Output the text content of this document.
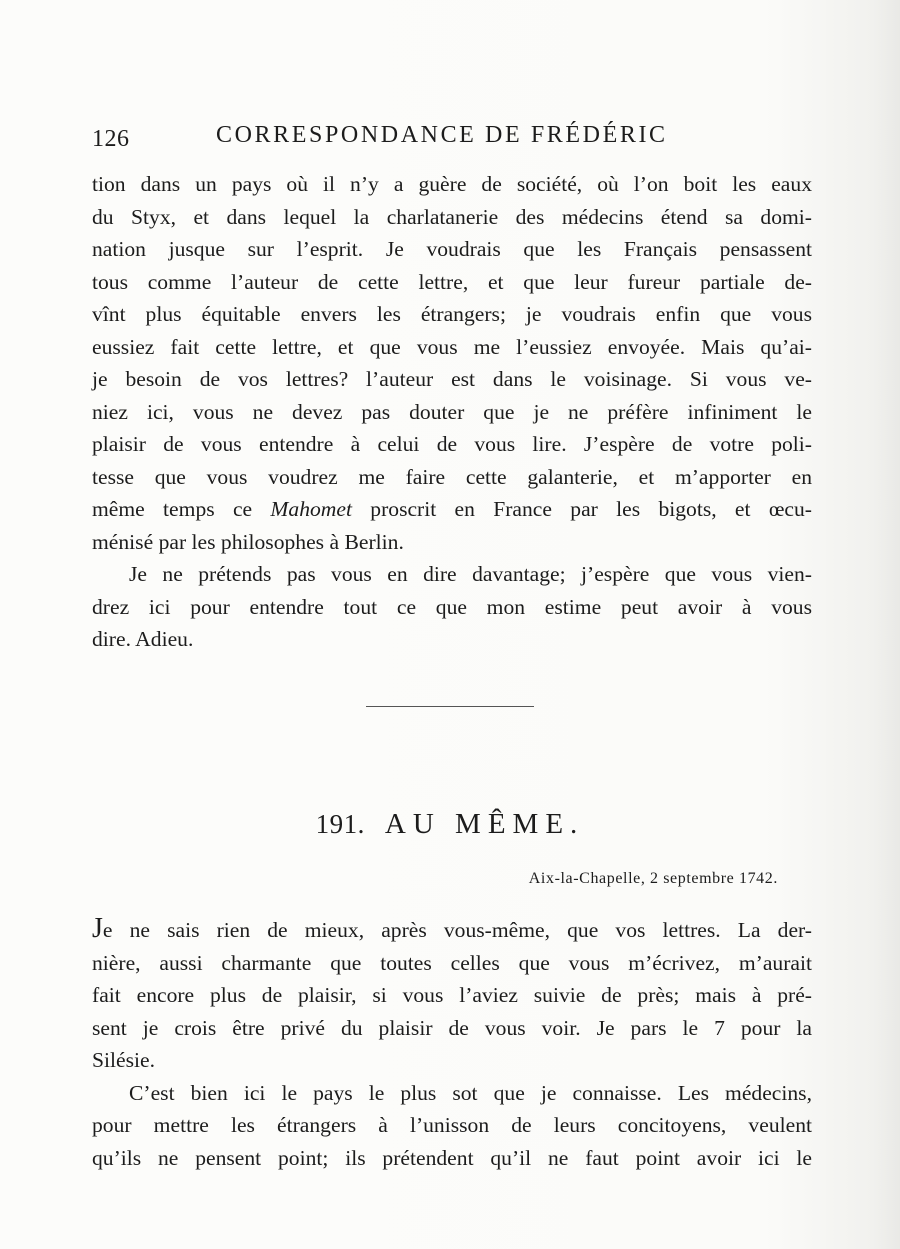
126	CORRESPONDANCE DE FRÉDÉRIC

tion dans un pays où il n’y a guère de société, où l’on boit les eaux
du Styx, et dans lequel la charlatanerie des médecins étend sa domi-
nation jusque sur l’esprit. Je voudrais que les Français pensassent
tous comme l’auteur de cette lettre, et que leur fureur partiale de-
vînt plus équitable envers les étrangers; je voudrais enfin que vous
eussiez fait cette lettre, et que vous me l’eussiez envoyée. Mais qu’ai-
je besoin de vos lettres? l’auteur est dans le voisinage. Si vous ve-
niez ici, vous ne devez pas douter que je ne préfère infiniment le
plaisir de vous entendre à celui de vous lire. J’espère de votre poli-
tesse que vous voudrez me faire cette galanterie, et m’apporter en
même temps ce Mahomet proscrit en France par les bigots, et œcu-
ménisé par les philosophes à Berlin.

Je ne prétends pas vous en dire davantage; j’espère que vous vien-
drez ici pour entendre tout ce que mon estime peut avoir à vous
dire. Adieu.

191. AU MÊME.
Aix-la-Chapelle, 2 septembre 1742.

Je ne sais rien de mieux, après vous-même, que vos lettres. La der-
nière, aussi charmante que toutes celles que vous m’écrivez, m’aurait
fait encore plus de plaisir, si vous l’aviez suivie de près; mais à pré-
sent je crois être privé du plaisir de vous voir. Je pars le 7 pour la
Silésie.

C’est bien ici le pays le plus sot que je connaisse. Les médecins,
pour mettre les étrangers à l’unisson de leurs concitoyens, veulent
qu’ils ne pensent point; ils prétendent qu’il ne faut point avoir ici le
